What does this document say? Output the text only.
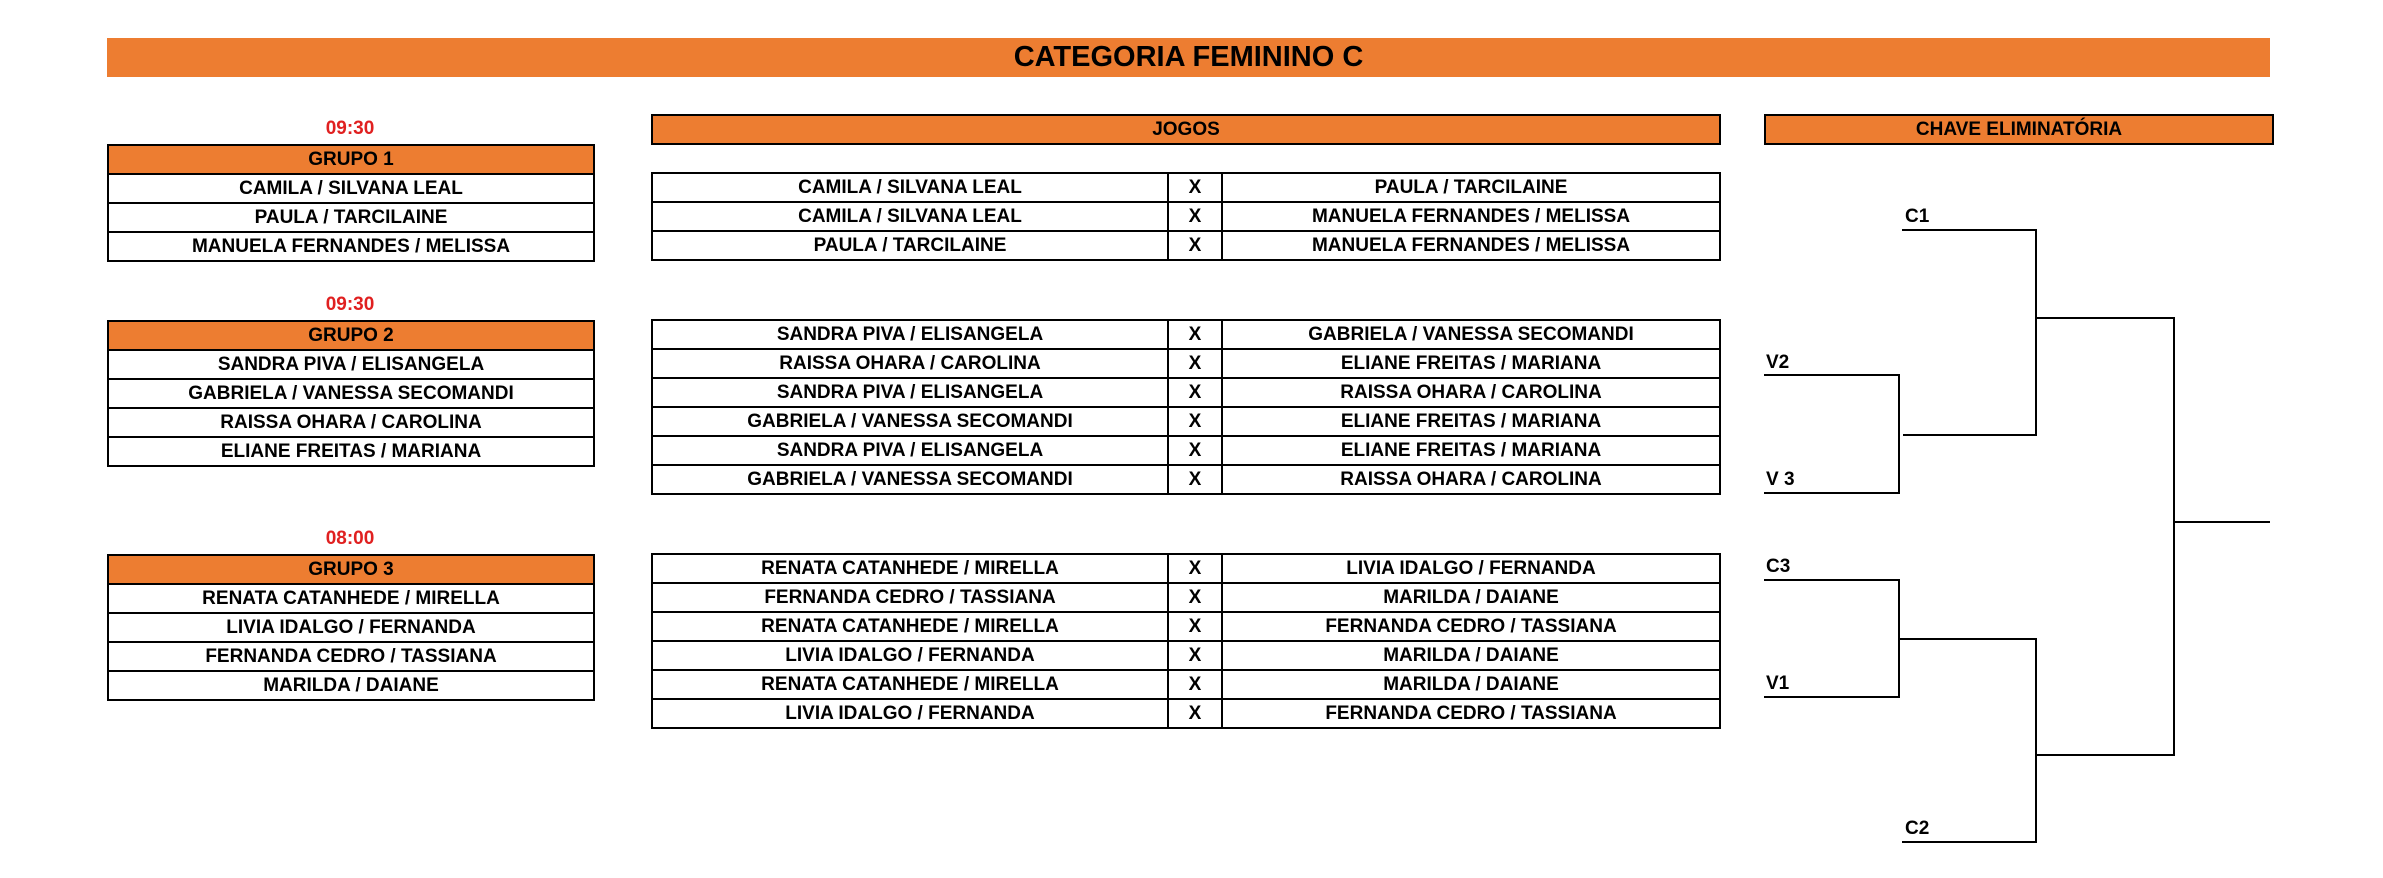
CATEGORIA FEMININO C
09:30
GRUPO 1
CAMILA / SILVANA LEAL
PAULA / TARCILAINE
MANUELA FERNANDES / MELISSA
09:30
GRUPO 2
SANDRA PIVA / ELISANGELA
GABRIELA / VANESSA SECOMANDI
RAISSA OHARA / CAROLINA
ELIANE FREITAS / MARIANA
08:00
GRUPO 3
RENATA CATANHEDE / MIRELLA
LIVIA IDALGO / FERNANDA
FERNANDA CEDRO / TASSIANA
MARILDA / DAIANE
JOGOS	CHAVE ELIMINATÓRIA
CAMILA / SILVANA LEAL	X	PAULA / TARCILAINE
CAMILA / SILVANA LEAL	X	MANUELA FERNANDES / MELISSA
PAULA / TARCILAINE	X	MANUELA FERNANDES / MELISSA
SANDRA PIVA / ELISANGELA	X	GABRIELA / VANESSA SECOMANDI
RAISSA OHARA / CAROLINA	X	ELIANE FREITAS / MARIANA
SANDRA PIVA / ELISANGELA	X	RAISSA OHARA / CAROLINA
GABRIELA / VANESSA SECOMANDI	X	ELIANE FREITAS / MARIANA
SANDRA PIVA / ELISANGELA	X	ELIANE FREITAS / MARIANA
GABRIELA / VANESSA SECOMANDI	X	RAISSA OHARA / CAROLINA
RENATA CATANHEDE / MIRELLA	X	LIVIA IDALGO / FERNANDA
FERNANDA CEDRO / TASSIANA	X	MARILDA / DAIANE
RENATA CATANHEDE / MIRELLA	X	FERNANDA CEDRO / TASSIANA
LIVIA IDALGO / FERNANDA	X	MARILDA / DAIANE
RENATA CATANHEDE / MIRELLA	X	MARILDA / DAIANE
LIVIA IDALGO / FERNANDA	X	FERNANDA CEDRO / TASSIANA
C1
V2
V 3
C3
V1
C2
